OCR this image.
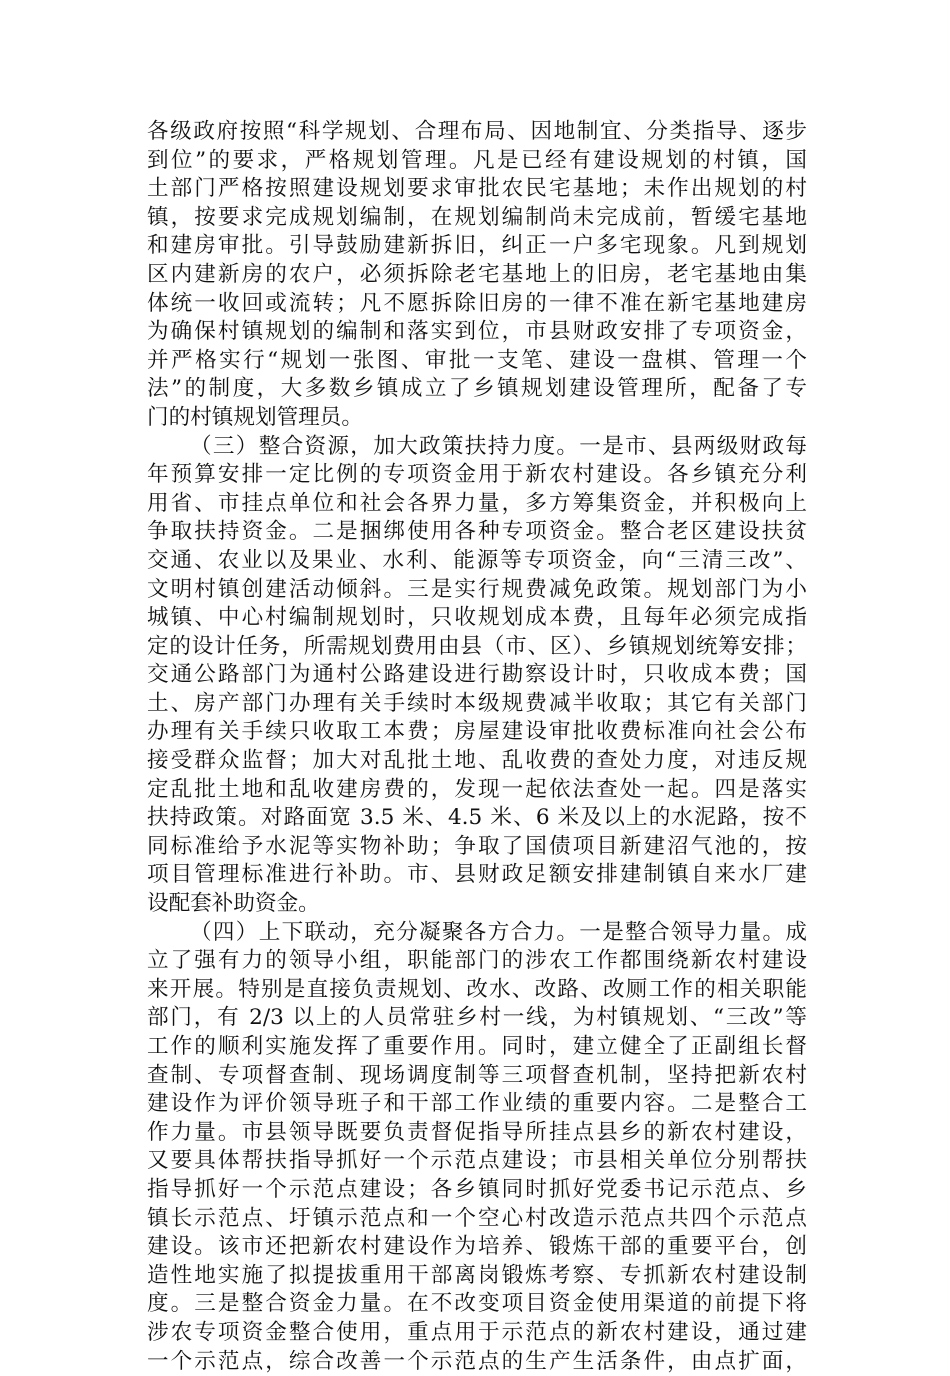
各级政府按照“科学规划、合理布局、因地制宜、分类指导、逐步
到位”的要求，严格规划管理。凡是已经有建设规划的村镇，国
土部门严格按照建设规划要求审批农民宅基地；未作出规划的村
镇，按要求完成规划编制，在规划编制尚未完成前，暂缓宅基地
和建房审批。引导鼓励建新拆旧，纠正一户多宅现象。凡到规划
区内建新房的农户，必须拆除老宅基地上的旧房，老宅基地由集
体统一收回或流转；凡不愿拆除旧房的一律不准在新宅基地建房
为确保村镇规划的编制和落实到位，市县财政安排了专项资金，
并严格实行“规划一张图、审批一支笔、建设一盘棋、管理一个
法”的制度，大多数乡镇成立了乡镇规划建设管理所，配备了专
门的村镇规划管理员。
（三）整合资源，加大政策扶持力度。一是市、县两级财政每
年预算安排一定比例的专项资金用于新农村建设。各乡镇充分利
用省、市挂点单位和社会各界力量，多方筹集资金，并积极向上
争取扶持资金。二是捆绑使用各种专项资金。整合老区建设扶贫
交通、农业以及果业、水利、能源等专项资金，向“三清三改”、
文明村镇创建活动倾斜。三是实行规费减免政策。规划部门为小
城镇、中心村编制规划时，只收规划成本费，且每年必须完成指
定的设计任务，所需规划费用由县（市、区）、乡镇规划统筹安排；
交通公路部门为通村公路建设进行勘察设计时，只收成本费；国
土、房产部门办理有关手续时本级规费减半收取；其它有关部门
办理有关手续只收取工本费；房屋建设审批收费标准向社会公布
接受群众监督；加大对乱批土地、乱收费的查处力度，对违反规
定乱批土地和乱收建房费的，发现一起依法查处一起。四是落实
扶持政策。对路面宽 3.5 米、4.5 米、6 米及以上的水泥路，按不
同标准给予水泥等实物补助；争取了国债项目新建沼气池的，按
项目管理标准进行补助。市、县财政足额安排建制镇自来水厂建
设配套补助资金。
（四）上下联动，充分凝聚各方合力。一是整合领导力量。成
立了强有力的领导小组，职能部门的涉农工作都围绕新农村建设
来开展。特别是直接负责规划、改水、改路、改厕工作的相关职能
部门，有 2/3 以上的人员常驻乡村一线，为村镇规划、“三改”等
工作的顺利实施发挥了重要作用。同时，建立健全了正副组长督
查制、专项督查制、现场调度制等三项督查机制，坚持把新农村
建设作为评价领导班子和干部工作业绩的重要内容。二是整合工
作力量。市县领导既要负责督促指导所挂点县乡的新农村建设，
又要具体帮扶指导抓好一个示范点建设；市县相关单位分别帮扶
指导抓好一个示范点建设；各乡镇同时抓好党委书记示范点、乡
镇长示范点、圩镇示范点和一个空心村改造示范点共四个示范点
建设。该市还把新农村建设作为培养、锻炼干部的重要平台，创
造性地实施了拟提拔重用干部离岗锻炼考察、专抓新农村建设制
度。三是整合资金力量。在不改变项目资金使用渠道的前提下将
涉农专项资金整合使用，重点用于示范点的新农村建设，通过建
一个示范点，综合改善一个示范点的生产生活条件，由点扩面，
